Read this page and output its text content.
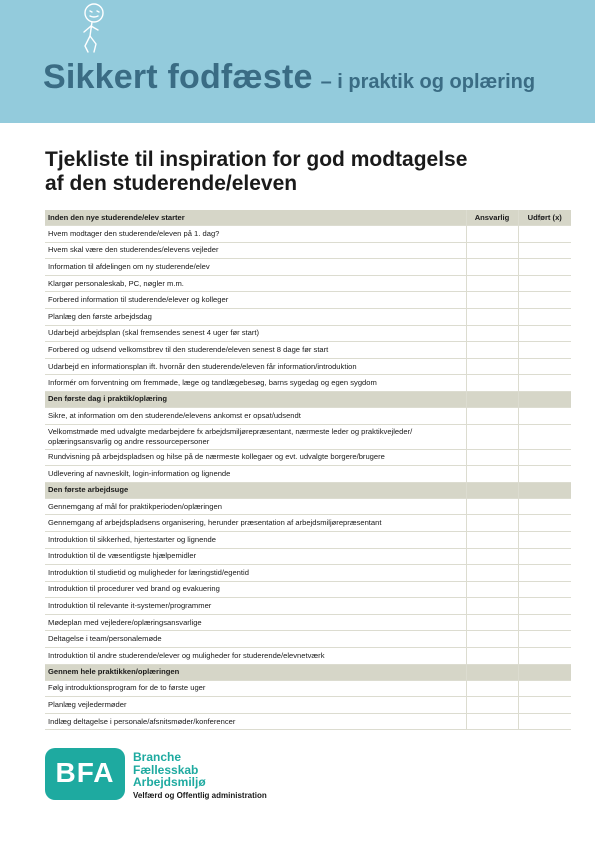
Sikkert fodfæste – i praktik og oplæring
Tjekliste til inspiration for god modtagelse
af den studerende/eleven
Inden den nye studerende/elev starter	Ansvarlig	Udført (x)
Hvem modtager den studerende/eleven på 1. dag?		
Hvem skal være den studerendes/elevens vejleder		
Information til afdelingen om ny studerende/elev		
Klargør personaleskab, PC, nøgler m.m.		
Forbered information til studerende/elever og kolleger		
Planlæg den første arbejdsdag		
Udarbejd arbejdsplan (skal fremsendes senest 4 uger før start)		
Forbered og udsend velkomstbrev til den studerende/eleven senest 8 dage før start		
Udarbejd en informationsplan ift. hvornår den studerende/eleven får information/introduktion		
Informér om forventning om fremmøde, læge og tandlægebesøg, barns sygedag og egen sygdom		
Den første dag i praktik/oplæring		
Sikre, at information om den studerende/elevens ankomst er opsat/udsendt		
Velkomstmøde med udvalgte medarbejdere fx arbejdsmiljørepræsentant, nærmeste leder og praktikvejleder/ oplæringsansvarlig og andre ressourcepersoner		
Rundvisning på arbejdspladsen og hilse på de nærmeste kollegaer og evt. udvalgte borgere/brugere		
Udlevering af navneskilt, login-information og lignende		
Den første arbejdsuge		
Gennemgang af mål for praktikperioden/oplæringen		
Gennemgang af arbejdspladsens organisering, herunder præsentation af arbejdsmiljørepræsentant		
Introduktion til sikkerhed, hjertestarter og lignende		
Introduktion til de væsentligste hjælpemidler		
Introduktion til studietid og muligheder for læringstid/egentid		
Introduktion til procedurer ved brand og evakuering		
Introduktion til relevante it-systemer/programmer		
Mødeplan med vejledere/oplæringsansvarlige		
Deltagelse i team/personalemøde		
Introduktion til andre studerende/elever og muligheder for studerende/elevnetværk		
Gennem hele praktikken/oplæringen		
Følg introduktionsprogram for de to første uger		
Planlæg vejledermøder		
Indlæg deltagelse i personale/afsnitsmøder/konferencer		
BFA	Branche
Fællesskab
Arbejdsmiljø
Velfærd og Offentlig administration
